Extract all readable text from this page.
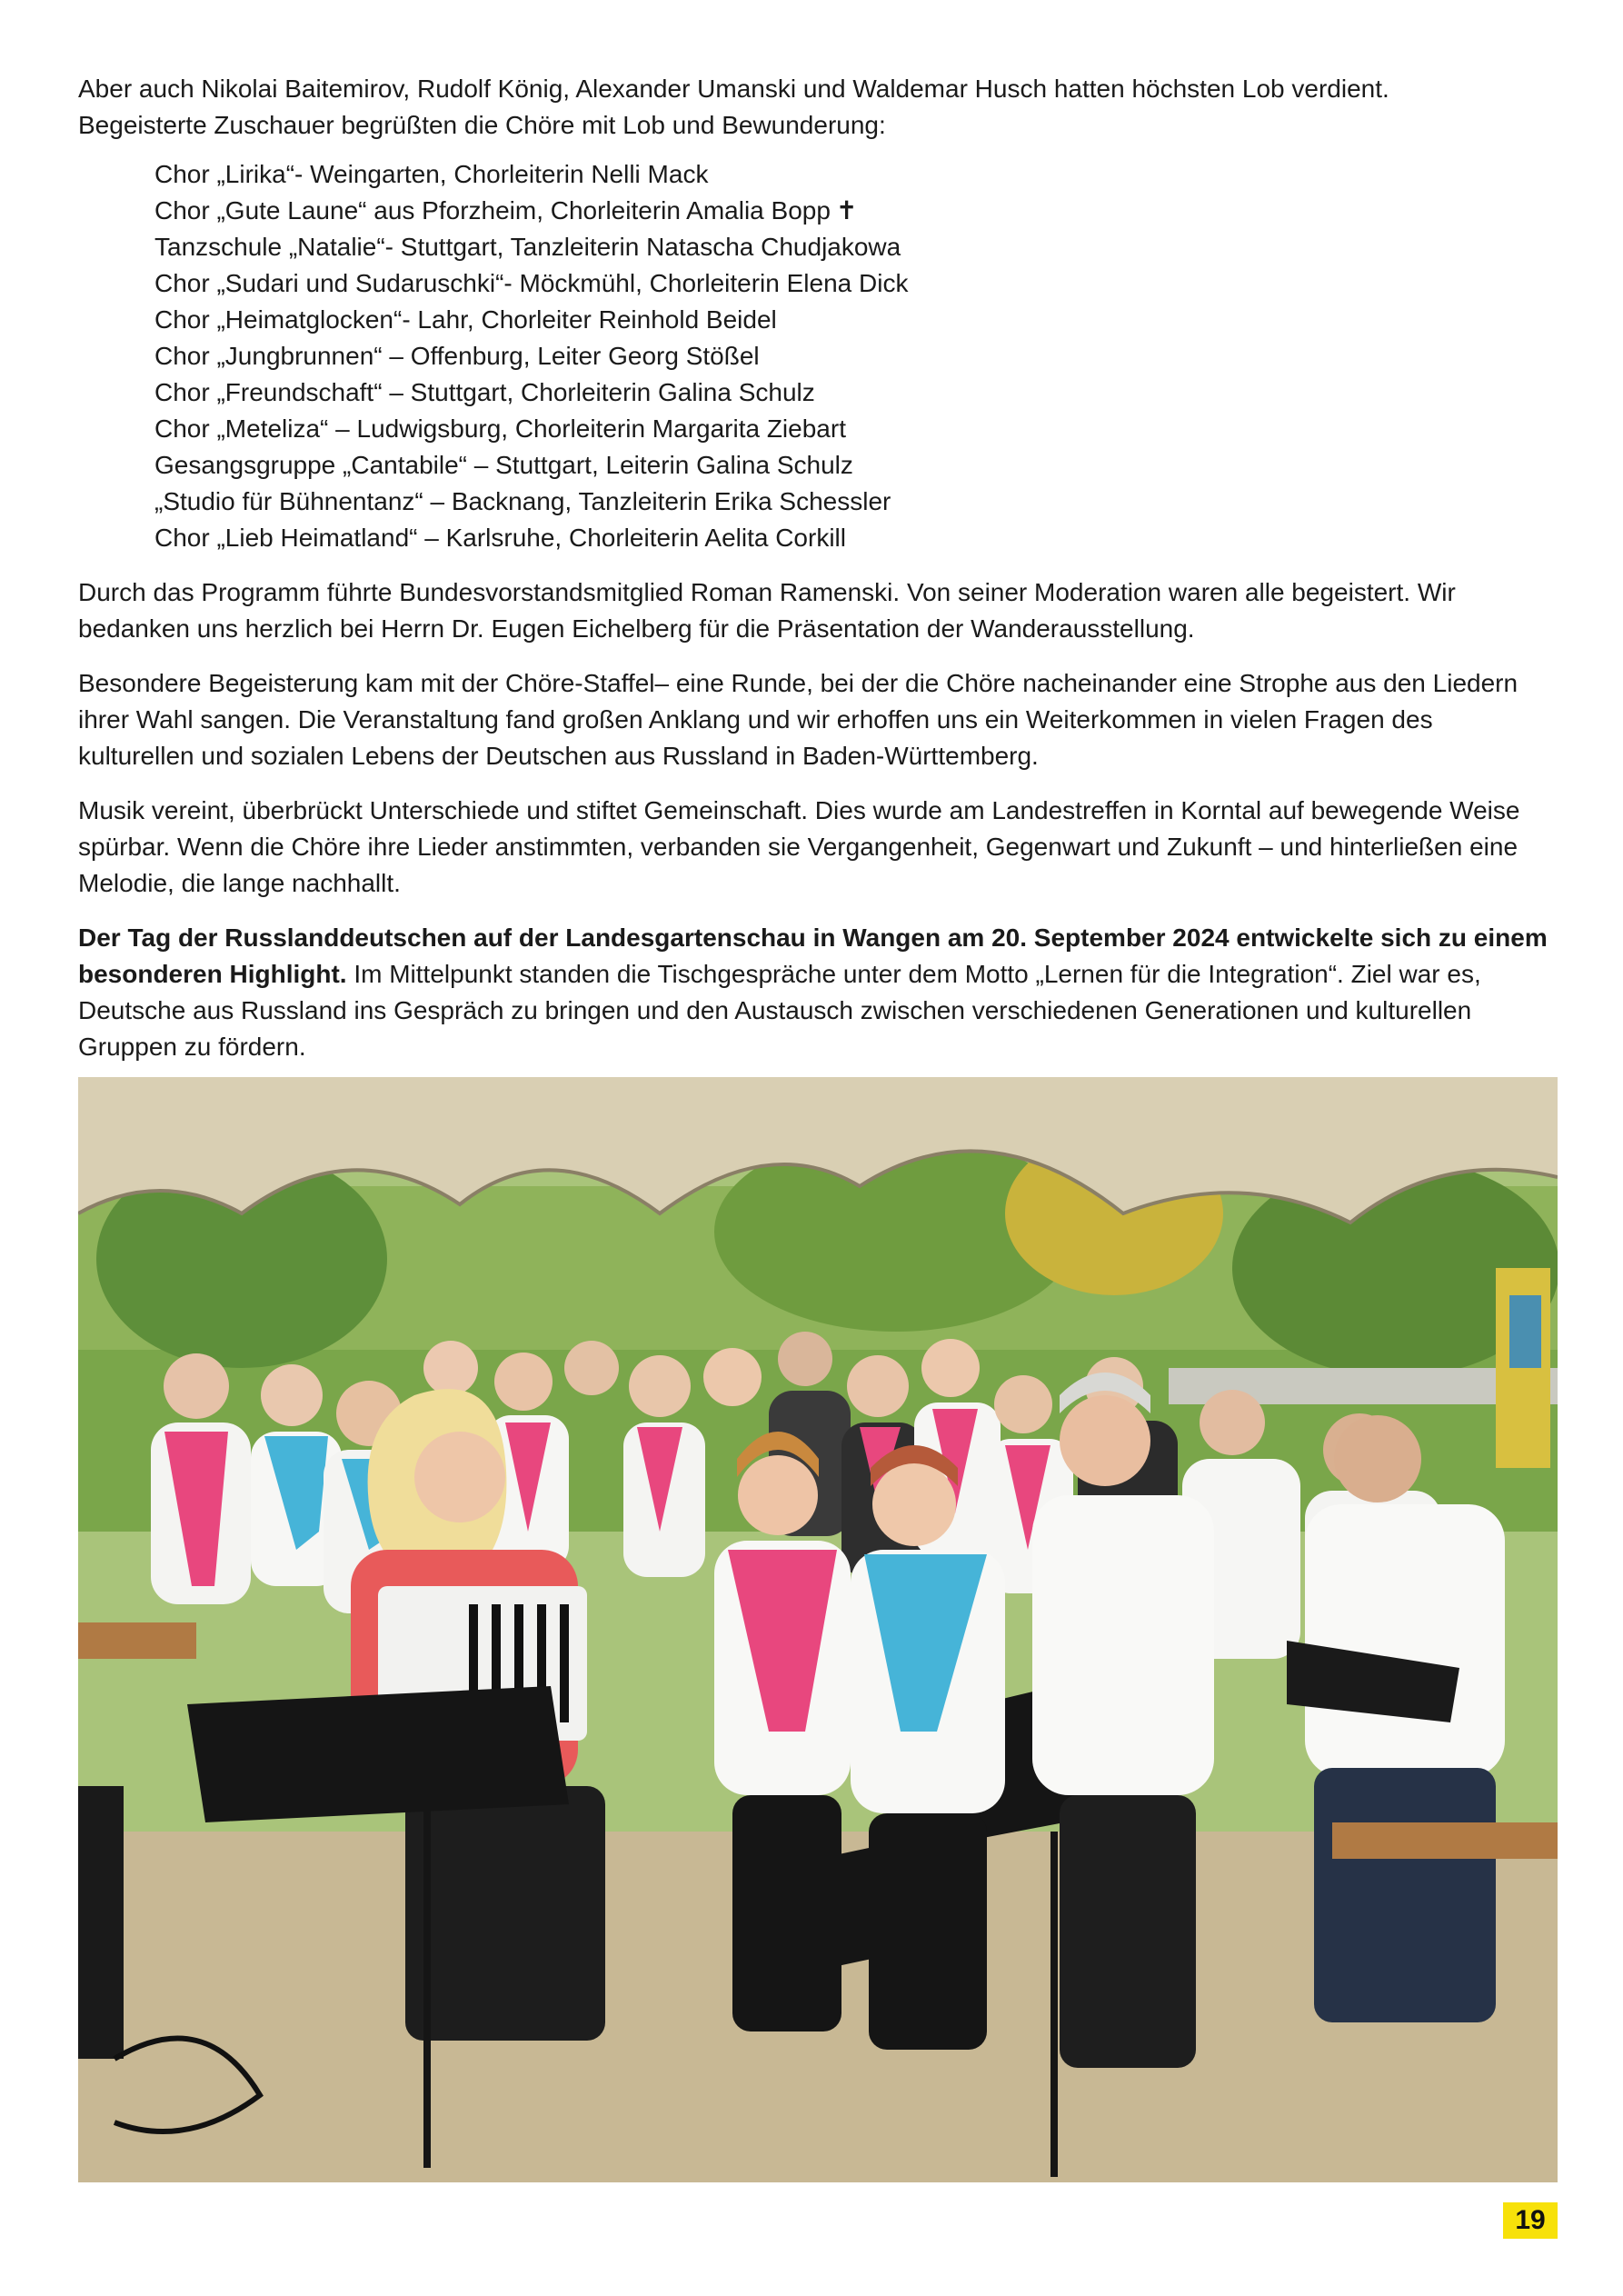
Aber auch Nikolai Baitemirov, Rudolf König, Alexander Umanski und Waldemar Husch hatten höchsten Lob verdient.

Begeisterte Zuschauer begrüßten die Chöre mit Lob und Bewunderung:

Chor „Lirika“- Weingarten, Chorleiterin Nelli Mack
Chor „Gute Laune“ aus Pforzheim, Chorleiterin Amalia Bopp ✝
Tanzschule „Natalie“- Stuttgart, Tanzleiterin Natascha Chudjakowa
Chor „Sudari und Sudaruschki“- Möckmühl, Chorleiterin Elena Dick
Chor „Heimatglocken“- Lahr, Chorleiter Reinhold Beidel
Chor „Jungbrunnen“ – Offenburg, Leiter Georg Stößel
Chor „Freundschaft“ – Stuttgart, Chorleiterin Galina Schulz
Chor „Meteliza“ – Ludwigsburg, Chorleiterin Margarita Ziebart
Gesangsgruppe „Cantabile“ – Stuttgart, Leiterin Galina Schulz
„Studio für Bühnentanz“ – Backnang, Tanzleiterin Erika Schessler
Chor „Lieb Heimatland“ – Karlsruhe, Chorleiterin Aelita Corkill

Durch das Programm führte Bundesvorstandsmitglied Roman Ramenski. Von seiner Moderation waren alle begeistert. Wir bedanken uns herzlich bei Herrn Dr. Eugen Eichelberg für die Präsentation der Wanderausstellung.

Besondere Begeisterung kam mit der Chöre-Staffel– eine Runde, bei der die Chöre nacheinander eine Strophe aus den Liedern ihrer Wahl sangen. Die Veranstaltung fand großen Anklang und wir erhoffen uns ein Weiterkommen in vielen Fragen des kulturellen und sozialen Lebens der Deutschen aus Russland in Baden-Württemberg.

Musik vereint, überbrückt Unterschiede und stiftet Gemeinschaft. Dies wurde am Landestreffen in Korntal auf bewegende Weise spürbar. Wenn die Chöre ihre Lieder anstimmten, verbanden sie Vergangenheit, Gegenwart und Zukunft – und hinterließen eine Melodie, die lange nachhallt.

Der Tag der Russlanddeutschen auf der Landesgartenschau in Wangen am 20. September 2024 entwickelte sich zu einem besonderen Highlight. Im Mittelpunkt standen die Tischgespräche unter dem Motto „Lernen für die Integration“. Ziel war es, Deutsche aus Russland ins Gespräch zu bringen und den Austausch zwischen verschiedenen Generationen und kulturellen Gruppen zu fördern.

19
